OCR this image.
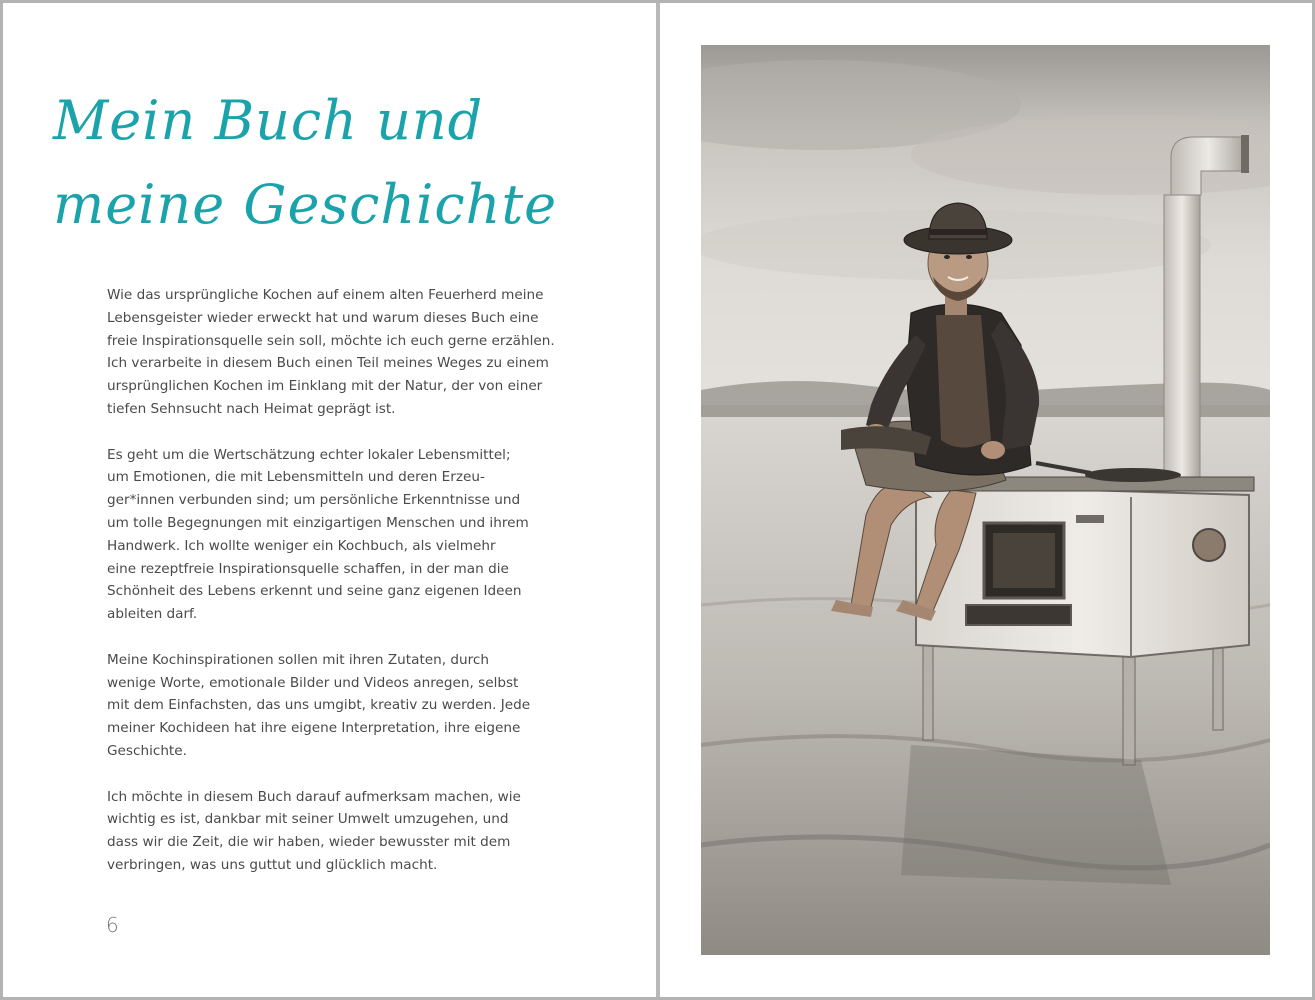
Mein Buch und
meine Geschichte

Wie das ursprüngliche Kochen auf einem alten Feuerherd meine
Lebensgeister wieder erweckt hat und warum dieses Buch eine
freie Inspirationsquelle sein soll, möchte ich euch gerne erzählen.
Ich verarbeite in diesem Buch einen Teil meines Weges zu einem
ursprünglichen Kochen im Einklang mit der Natur, der von einer
tiefen Sehnsucht nach Heimat geprägt ist.

Es geht um die Wertschätzung echter lokaler Lebensmittel;
um Emotionen, die mit Lebensmitteln und deren Erzeu-
ger*innen verbunden sind; um persönliche Erkenntnisse und
um tolle Begegnungen mit einzigartigen Menschen und ihrem
Handwerk. Ich wollte weniger ein Kochbuch, als vielmehr
eine rezeptfreie Inspirationsquelle schaffen, in der man die
Schönheit des Lebens erkennt und seine ganz eigenen Ideen
ableiten darf.

Meine Kochinspirationen sollen mit ihren Zutaten, durch
wenige Worte, emotionale Bilder und Videos anregen, selbst
mit dem Einfachsten, das uns umgibt, kreativ zu werden. Jede
meiner Kochideen hat ihre eigene Interpretation, ihre eigene
Geschichte.

Ich möchte in diesem Buch darauf aufmerksam machen, wie
wichtig es ist, dankbar mit seiner Umwelt umzugehen, und
dass wir die Zeit, die wir haben, wieder bewusster mit dem
verbringen, was uns guttut und glücklich macht.

6
